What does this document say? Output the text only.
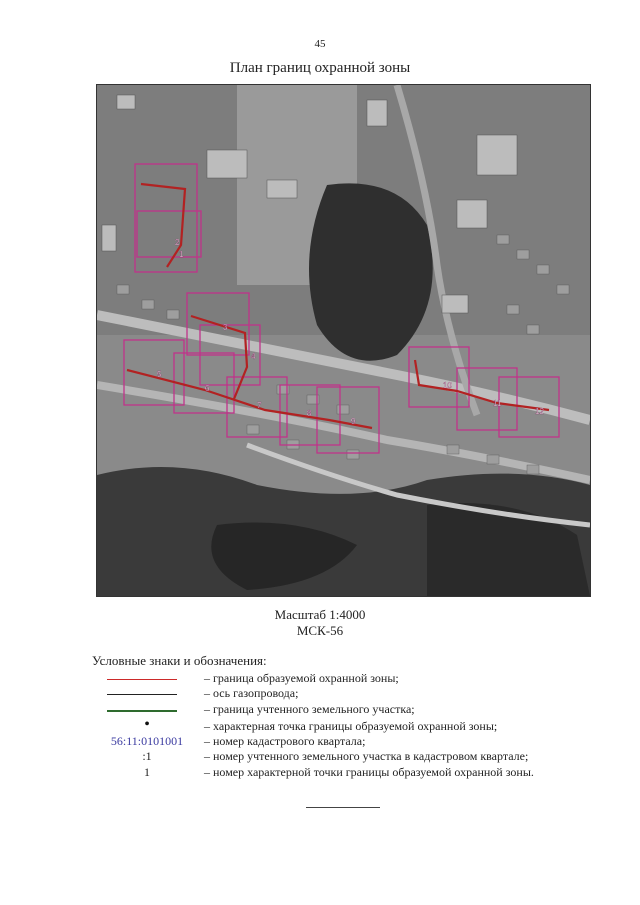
45
План границ охранной зоны
1
2
3
4
5
6
7
8
9
10
11
12
Масштаб 1:4000
МСК-56
Условные знаки и обозначения:
– граница образуемой охранной зоны;
– ось газопровода;
– граница учтенного земельного участка;
•	– характерная точка границы образуемой охранной зоны;
56:11:0101001	– номер кадастрового квартала;
:1	– номер учтенного земельного участка в кадастровом квартале;
1	– номер характерной точки границы образуемой охранной зоны.
